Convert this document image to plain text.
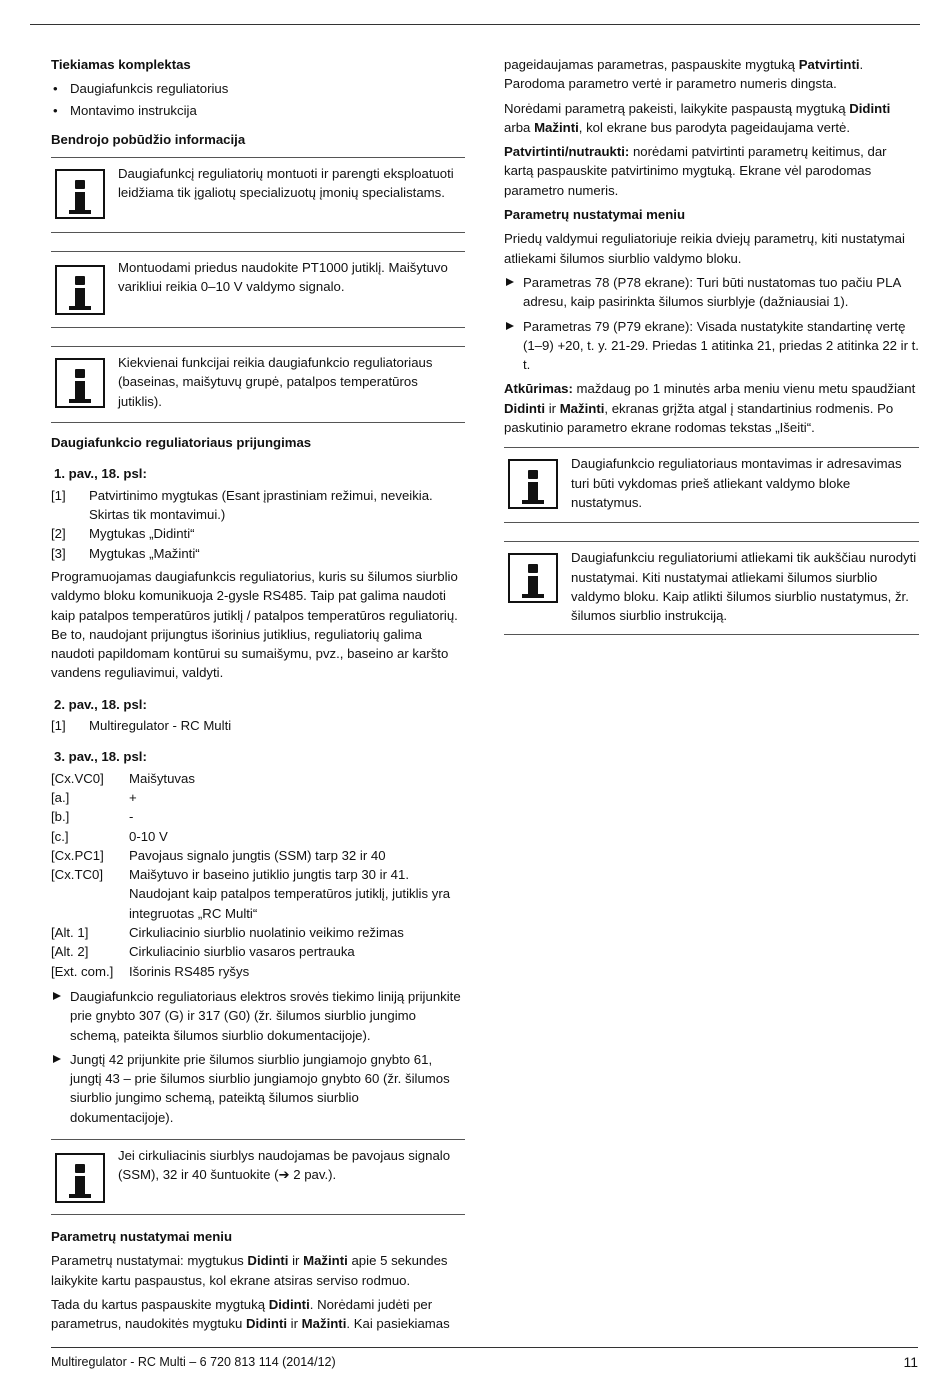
Tiekiamas komplektas

• Daugiafunkcis reguliatorius
• Montavimo instrukcija

Bendrojo pobūdžio informacija

Daugiafunkcį reguliatorių montuoti ir parengti eksploatuoti leidžiama tik įgaliotų specializuotų įmonių specialistams.
Montuodami priedus naudokite PT1000 jutiklį. Maišytuvo varikliui reikia 0–10 V valdymo signalo.
Kiekvienai funkcijai reikia daugiafunkcio reguliatoriaus (baseinas, maišytuvų grupė, patalpos temperatūros jutiklis).

Daugiafunkcio reguliatoriaus prijungimas

1. pav., 18. psl:

[1]	Patvirtinimo mygtukas (Esant įprastiniam režimui, neveikia. Skirtas tik montavimui.)
[2]	Mygtukas „Didinti“
[3]	Mygtukas „Mažinti“

Programuojamas daugiafunkcis reguliatorius, kuris su šilumos siurblio valdymo bloku komunikuoja 2-gysle RS485. Taip pat galima naudoti kaip patalpos temperatūros jutiklį / patalpos temperatūros reguliatorių. Be to, naudojant prijungtus išorinius jutiklius, reguliatorių galima naudoti papildomam kontūrui su sumaišymu, pvz., baseino ar karšto vandens reguliavimui, valdyti.

2. pav., 18. psl:

[1]	Multiregulator - RC Multi

3. pav., 18. psl:

[Cx.VC0]	Maišytuvas
[a.]	+
[b.]	-
[c.]	0-10 V
[Cx.PC1]	Pavojaus signalo jungtis (SSM) tarp 32 ir 40
[Cx.TC0]	Maišytuvo ir baseino jutiklio jungtis tarp 30 ir 41. Naudojant kaip patalpos temperatūros jutiklį, jutiklis yra integruotas „RC Multi“
[Alt. 1]	Cirkuliacinio siurblio nuolatinio veikimo režimas
[Alt. 2]	Cirkuliacinio siurblio vasaros pertrauka
[Ext. com.]	Išorinis RS485 ryšys
Daugiafunkcio reguliatoriaus elektros srovės tiekimo liniją prijunkite prie gnybto 307 (G) ir 317 (G0) (žr. šilumos siurblio jungimo schemą, pateikta šilumos siurblio dokumentacijoje).
Jungtį 42 prijunkite prie šilumos siurblio jungiamojo gnybto 61, jungtį 43 – prie šilumos siurblio jungiamojo gnybto 60 (žr. šilumos siurblio jungimo schemą, pateiktą šilumos siurblio dokumentacijoje).
Jei cirkuliacinis siurblys naudojamas be pavojaus signalo (SSM), 32 ir 40 šuntuokite (➔ 2 pav.).

Parametrų nustatymai meniu

Parametrų nustatymai: mygtukus Didinti ir Mažinti apie 5 sekundes laikykite kartu paspaustus, kol ekrane atsiras serviso rodmuo.

Tada du kartus paspauskite mygtuką Didinti. Norėdami judėti per parametrus, naudokitės mygtuku Didinti ir Mažinti. Kai pasiekiamas

pageidaujamas parametras, paspauskite mygtuką Patvirtinti. Parodoma parametro vertė ir parametro numeris dingsta.

Norėdami parametrą pakeisti, laikykite paspaustą mygtuką Didinti arba Mažinti, kol ekrane bus parodyta pageidaujama vertė.

Patvirtinti/nutraukti: norėdami patvirtinti parametrų keitimus, dar kartą paspauskite patvirtinimo mygtuką. Ekrane vėl parodomas parametro numeris.

Parametrų nustatymai meniu

Priedų valdymui reguliatoriuje reikia dviejų parametrų, kiti nustatymai atliekami šilumos siurblio valdymo bloku.

Parametras 78 (P78 ekrane): Turi būti nustatomas tuo pačiu PLA adresu, kaip pasirinkta šilumos siurblyje (dažniausiai 1).
Parametras 79 (P79 ekrane): Visada nustatykite standartinę vertę (1–9) +20, t. y. 21-29. Priedas 1 atitinka 21, priedas 2 atitinka 22 ir t. t.

Atkūrimas: maždaug po 1 minutės arba meniu vienu metu spaudžiant Didinti ir Mažinti, ekranas grįžta atgal į standartinius rodmenis. Po paskutinio parametro ekrane rodomas tekstas „Išeiti“.

Daugiafunkcio reguliatoriaus montavimas ir adresavimas turi būti vykdomas prieš atliekant valdymo bloke nustatymus.
Daugiafunkciu reguliatoriumi atliekami tik aukščiau nurodyti nustatymai. Kiti nustatymai atliekami šilumos siurblio valdymo bloku. Kaip atlikti šilumos siurblio nustatymus, žr. šilumos siurblio instrukciją.
Multiregulator - RC Multi – 6 720 813 114 (2014/12)	11
